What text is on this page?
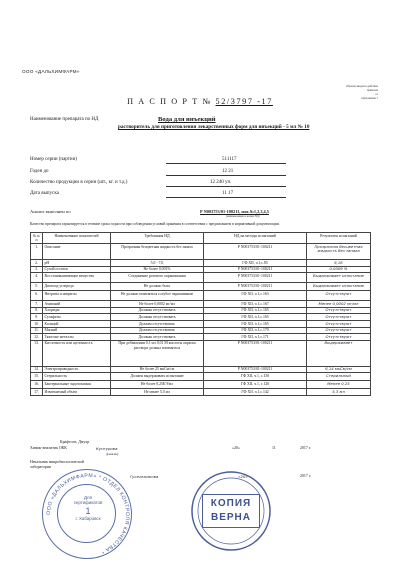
ООО «ДАЛЬХИМФАРМ»
Образец введен в действие
приказом
от
приложение 1
П А С П О Р Т № 52/3797 -17
Наименование препарата по НД	Вода для инъекций
растворитель для приготовления лекарственных форм для инъекций - 5 мл № 10
Номер серии (партии)	511117
Годен до	12 21
Количество продукции в серии (шт., кг. и т.д.)	12 240 уп.
Дата выпуска	11 17
Анализ выполнен по	Р N003753/01-100211, изм.№1,2,3,4,5
(наименование и номер НД)
Качество препарата гарантируется в течение срока годности при соблюдении условий хранения в соответствии с предписанием в нормативной документации.
№ п/п	Наименование показателей	Требования НД	НД на методы испытаний	Результаты испытаний
1.	Описание	Прозрачная бесцветная жидкость без запаха	Р N003753/01-100211	Прозрачная бесцветная жидкость без запаха
2.	pH	5,0 - 7,0	ГФ XII, ч.1,с.85	6,16
3.	Сухой остаток	Не более 0,001%	Р N003753/01-100211	0,0009 %
4.	Восстанавливающие вещества	Соединение розового окрашивания	Р N003753/01-100211	Выдерживает испытание
5.	Диоксид углерода	Не должно быть	Р N003753/01-100211	Выдерживает испытание
6.	Нитраты и нитриты	Не должно появляться голубое окрашивание	ГФ XII, ч.1,с.163	Отсутствуют
7.	Аммоний	Не более 0,0002 мг/мл	ГФ XII, ч.1,с.167	Менее 0,0002 мг/мл
8.	Хлориды	Должны отсутствовать	ГФ XII, ч.1,с.165	Отсутствуют
9.	Сульфаты	Должны отсутствовать	ГФ XII, ч.1,с.165	Отсутствуют
10.	Кальций	Должен отсутствовать	ГФ XII, ч.1,с.165	Отсутствуют
11.	Магний	Должен отсутствовать	ГФ XII, ч.1,с.170	Отсутствуют
12.	Тяжелые металлы	Должны отсутствовать	ГФ XII, ч.1,с.171	Отсутствуют
13.	Кислотность или щелочность	При добавлении 0,1 мл 0,01 М кислоты окраска раствора должна изменяться	Р N003753/01-100211	Выдерживает
14.	Электропроводность	Не более 25 мкСм/см	Р N003753/01-100211	6,14 мкСм/см
15.	Стерильность	Должен выдерживать испытание	ГФ XII, ч.1, с.150	Стерильный
16.	Бактериальные эндотоксины	Не более 0,25ЕЭ/мл	ГФ XII, ч.1, с.120	Менее 0,25
17.	Извлекаемый объем	Не менее 5,0 мл	ГФ XII, ч.1,с.142	5,3 мл
Крафтсон, Дмухр
Химик-аналитик ОКК	Кунгурова
(фамилия)
«20»	11	2017 г.
Начальник микробиологической
лаборатории
Гусельникова	«20»	2017 г.
ООО «ДАЛЬХИМФАРМ» * ОТДЕЛ КОНТРОЛЯ КАЧЕСТВА *
Для
сертификатов
1
г. Хабаровск
КОПИЯ
ВЕРНА
